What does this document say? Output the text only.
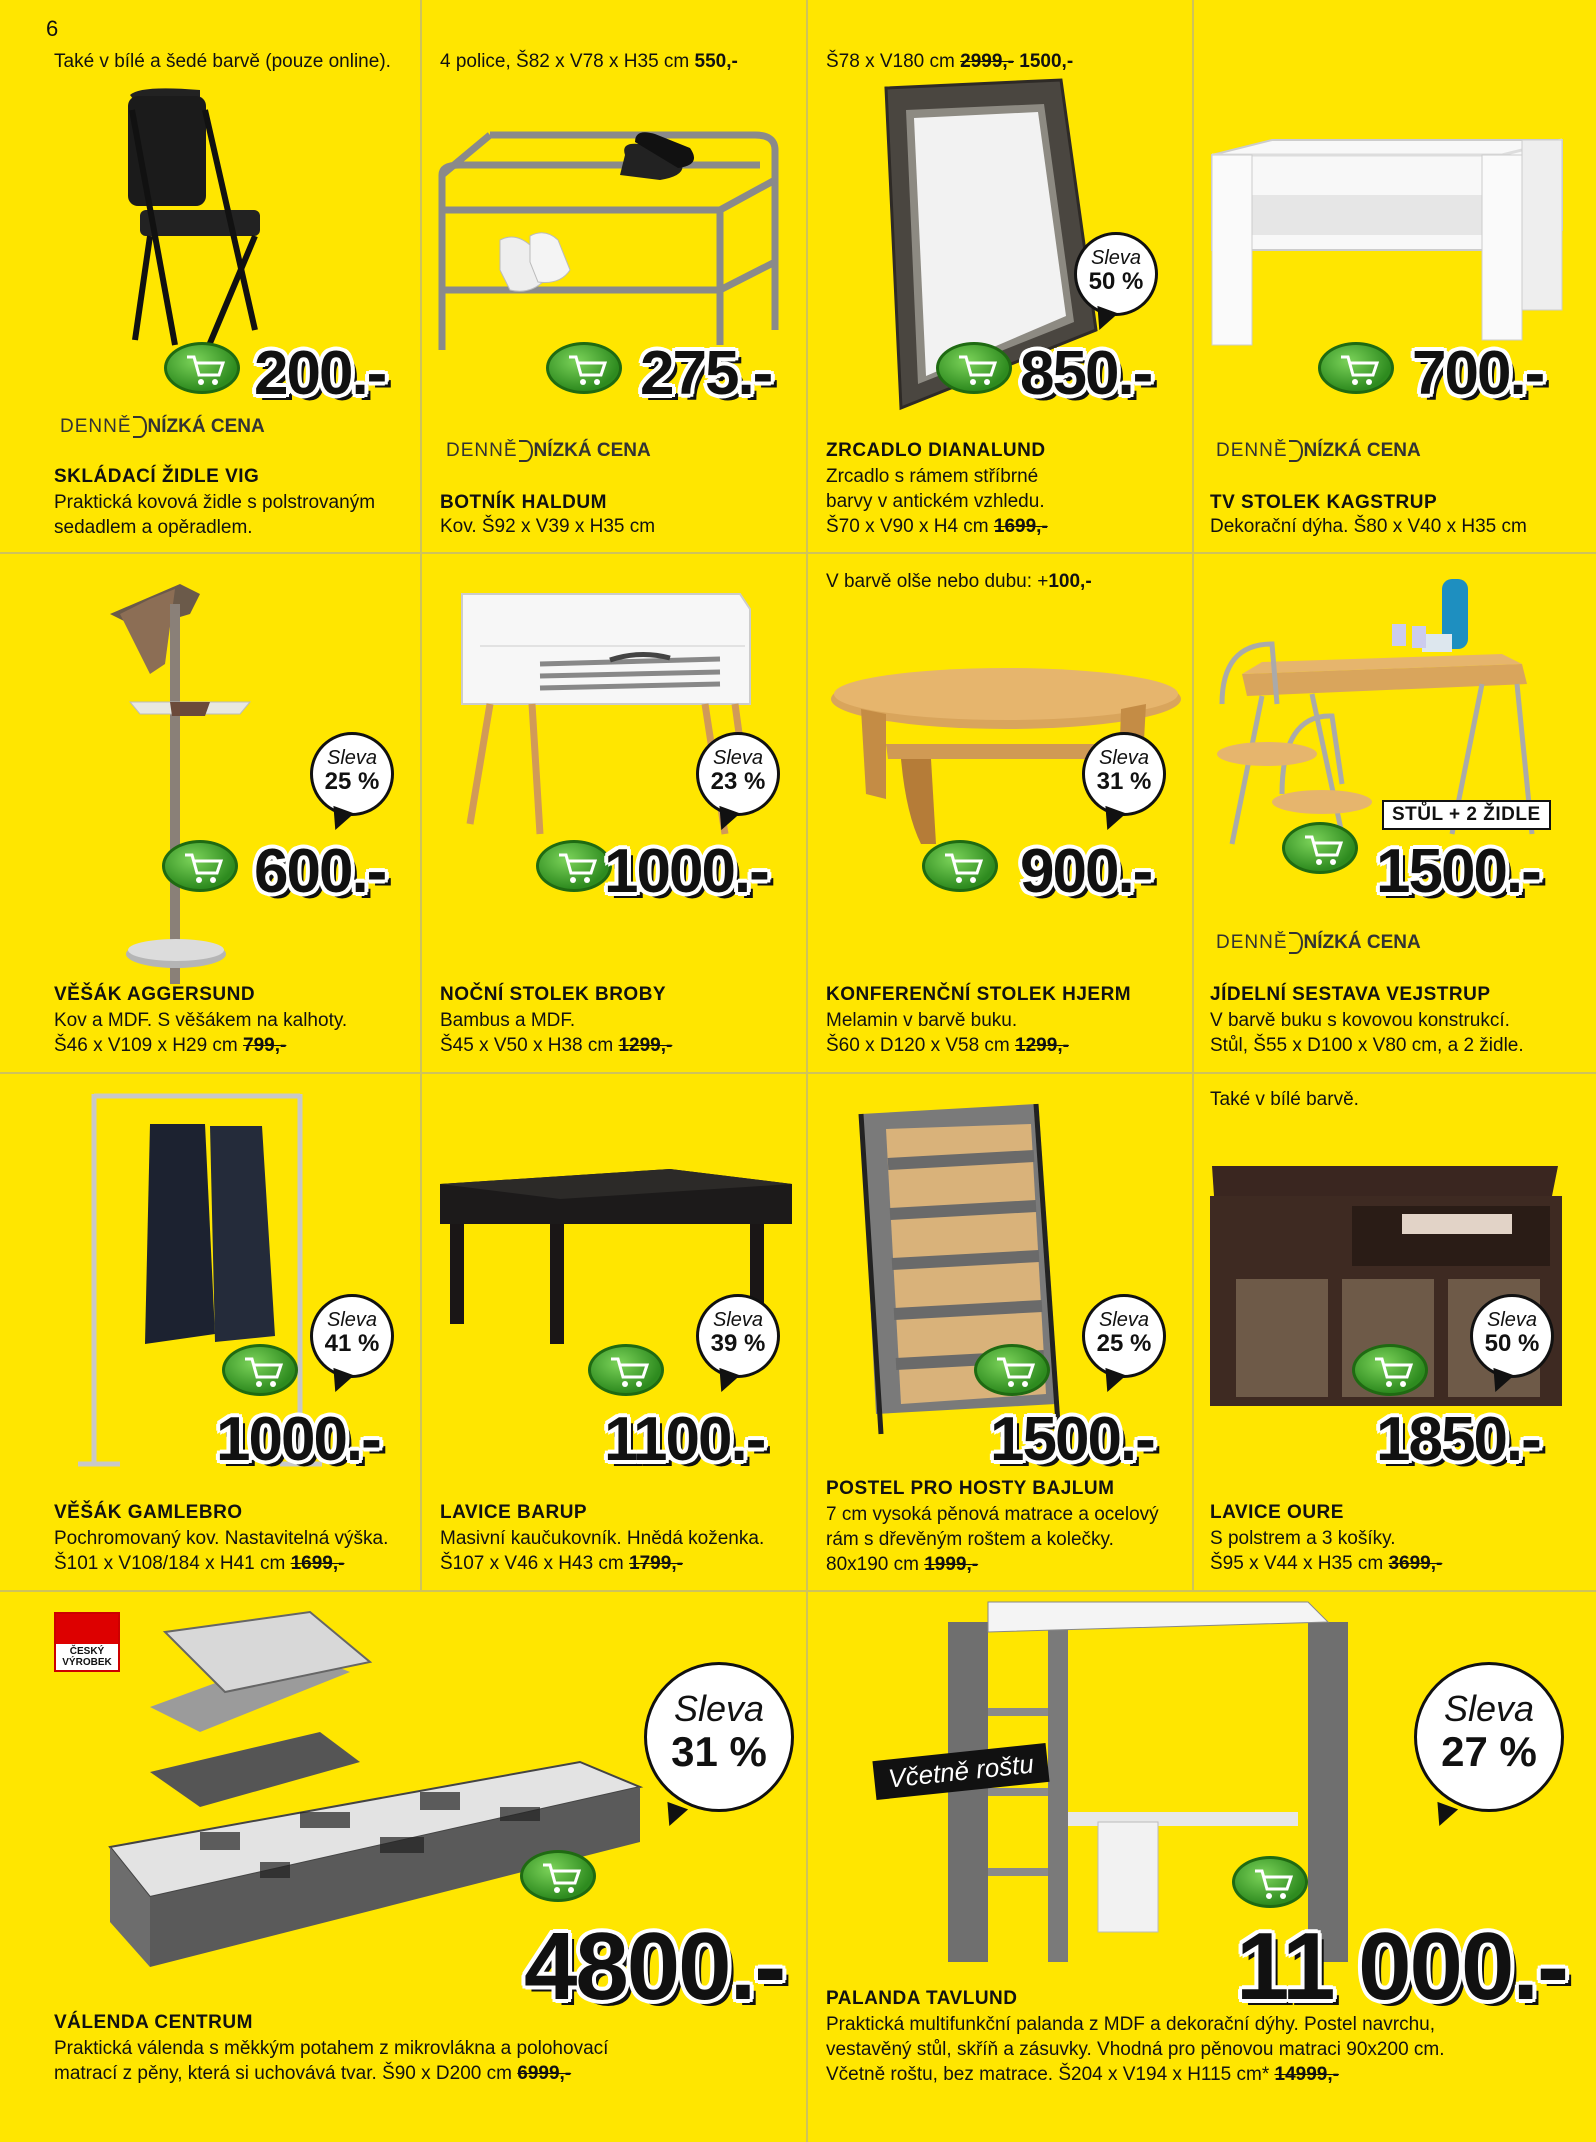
6
Také v bílé a šedé barvě (pouze online).
200.-
DENNĚ NÍZKÁ CENA
SKLÁDACÍ ŽIDLE VIG
Praktická kovová židle s polstrovaným
sedadlem a opěradlem.
4 police, Š82 x V78 x H35 cm 550,-
275.-
DENNĚ NÍZKÁ CENA
BOTNÍK HALDUM
Kov. Š92 x V39 x H35 cm
Š78 x V180 cm 2999,- 1500,-
Sleva
50 %
850.-
ZRCADLO DIANALUND
Zrcadlo s rámem stříbrné
barvy v antickém vzhledu.
Š70 x V90 x H4 cm 1699,-
700.-
DENNĚ NÍZKÁ CENA
TV STOLEK KAGSTRUP
Dekorační dýha. Š80 x V40 x H35 cm
Sleva
25 %
600.-
VĚŠÁK AGGERSUND
Kov a MDF. S věšákem na kalhoty.
Š46 x V109 x H29 cm 799,-
Sleva
23 %
1000.-
NOČNÍ STOLEK BROBY
Bambus a MDF.
Š45 x V50 x H38 cm 1299,-
V barvě olše nebo dubu: +100,-
Sleva
31 %
900.-
KONFERENČNÍ STOLEK HJERM
Melamin v barvě buku.
Š60 x D120 x V58 cm 1299,-
STŮL + 2 ŽIDLE
1500.-
DENNĚ NÍZKÁ CENA
JÍDELNÍ SESTAVA VEJSTRUP
V barvě buku s kovovou konstrukcí.
Stůl, Š55 x D100 x V80 cm, a 2 židle.
Sleva
41 %
1000.-
VĚŠÁK GAMLEBRO
Pochromovaný kov. Nastavitelná výška.
Š101 x V108/184 x H41 cm 1699,-
Sleva
39 %
1100.-
LAVICE BARUP
Masivní kaučukovník. Hnědá koženka.
Š107 x V46 x H43 cm 1799,-
Sleva
25 %
1500.-
POSTEL PRO HOSTY BAJLUM
7 cm vysoká pěnová matrace a ocelový
rám s dřevěným roštem a kolečky.
80x190 cm 1999,-
Také v bílé barvě.
Sleva
50 %
1850.-
LAVICE OURE
S polstrem a 3 košíky.
Š95 x V44 x H35 cm 3699,-
ČESKÝ VÝROBEK
Sleva
31 %
4800.-
VÁLENDA CENTRUM
Praktická válenda s měkkým potahem z mikrovlákna a polohovací
matrací z pěny, která si uchovává tvar. Š90 x D200 cm 6999,-
Včetně roštu
Sleva
27 %
11 000.-
PALANDA TAVLUND
Praktická multifunkční palanda z MDF a dekorační dýhy. Postel navrchu,
vestavěný stůl, skříň a zásuvky. Vhodná pro pěnovou matraci 90x200 cm.
Včetně roštu, bez matrace. Š204 x V194 x H115 cm* 14999,-
